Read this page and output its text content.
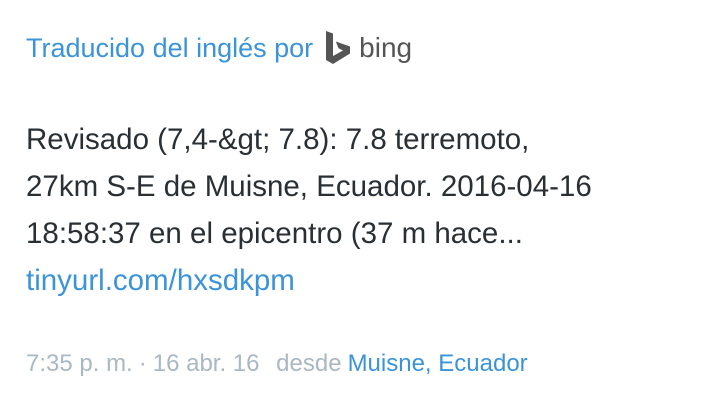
Traducido del inglés por bing
Revisado (7,4-&gt; 7.8): 7.8 terremoto,
27km S-E de Muisne, Ecuador. 2016-04-16
18:58:37 en el epicentro (37 m hace...
tinyurl.com/hxsdkpm
7:35 p. m. · 16 abr. 16 desde Muisne, Ecuador
